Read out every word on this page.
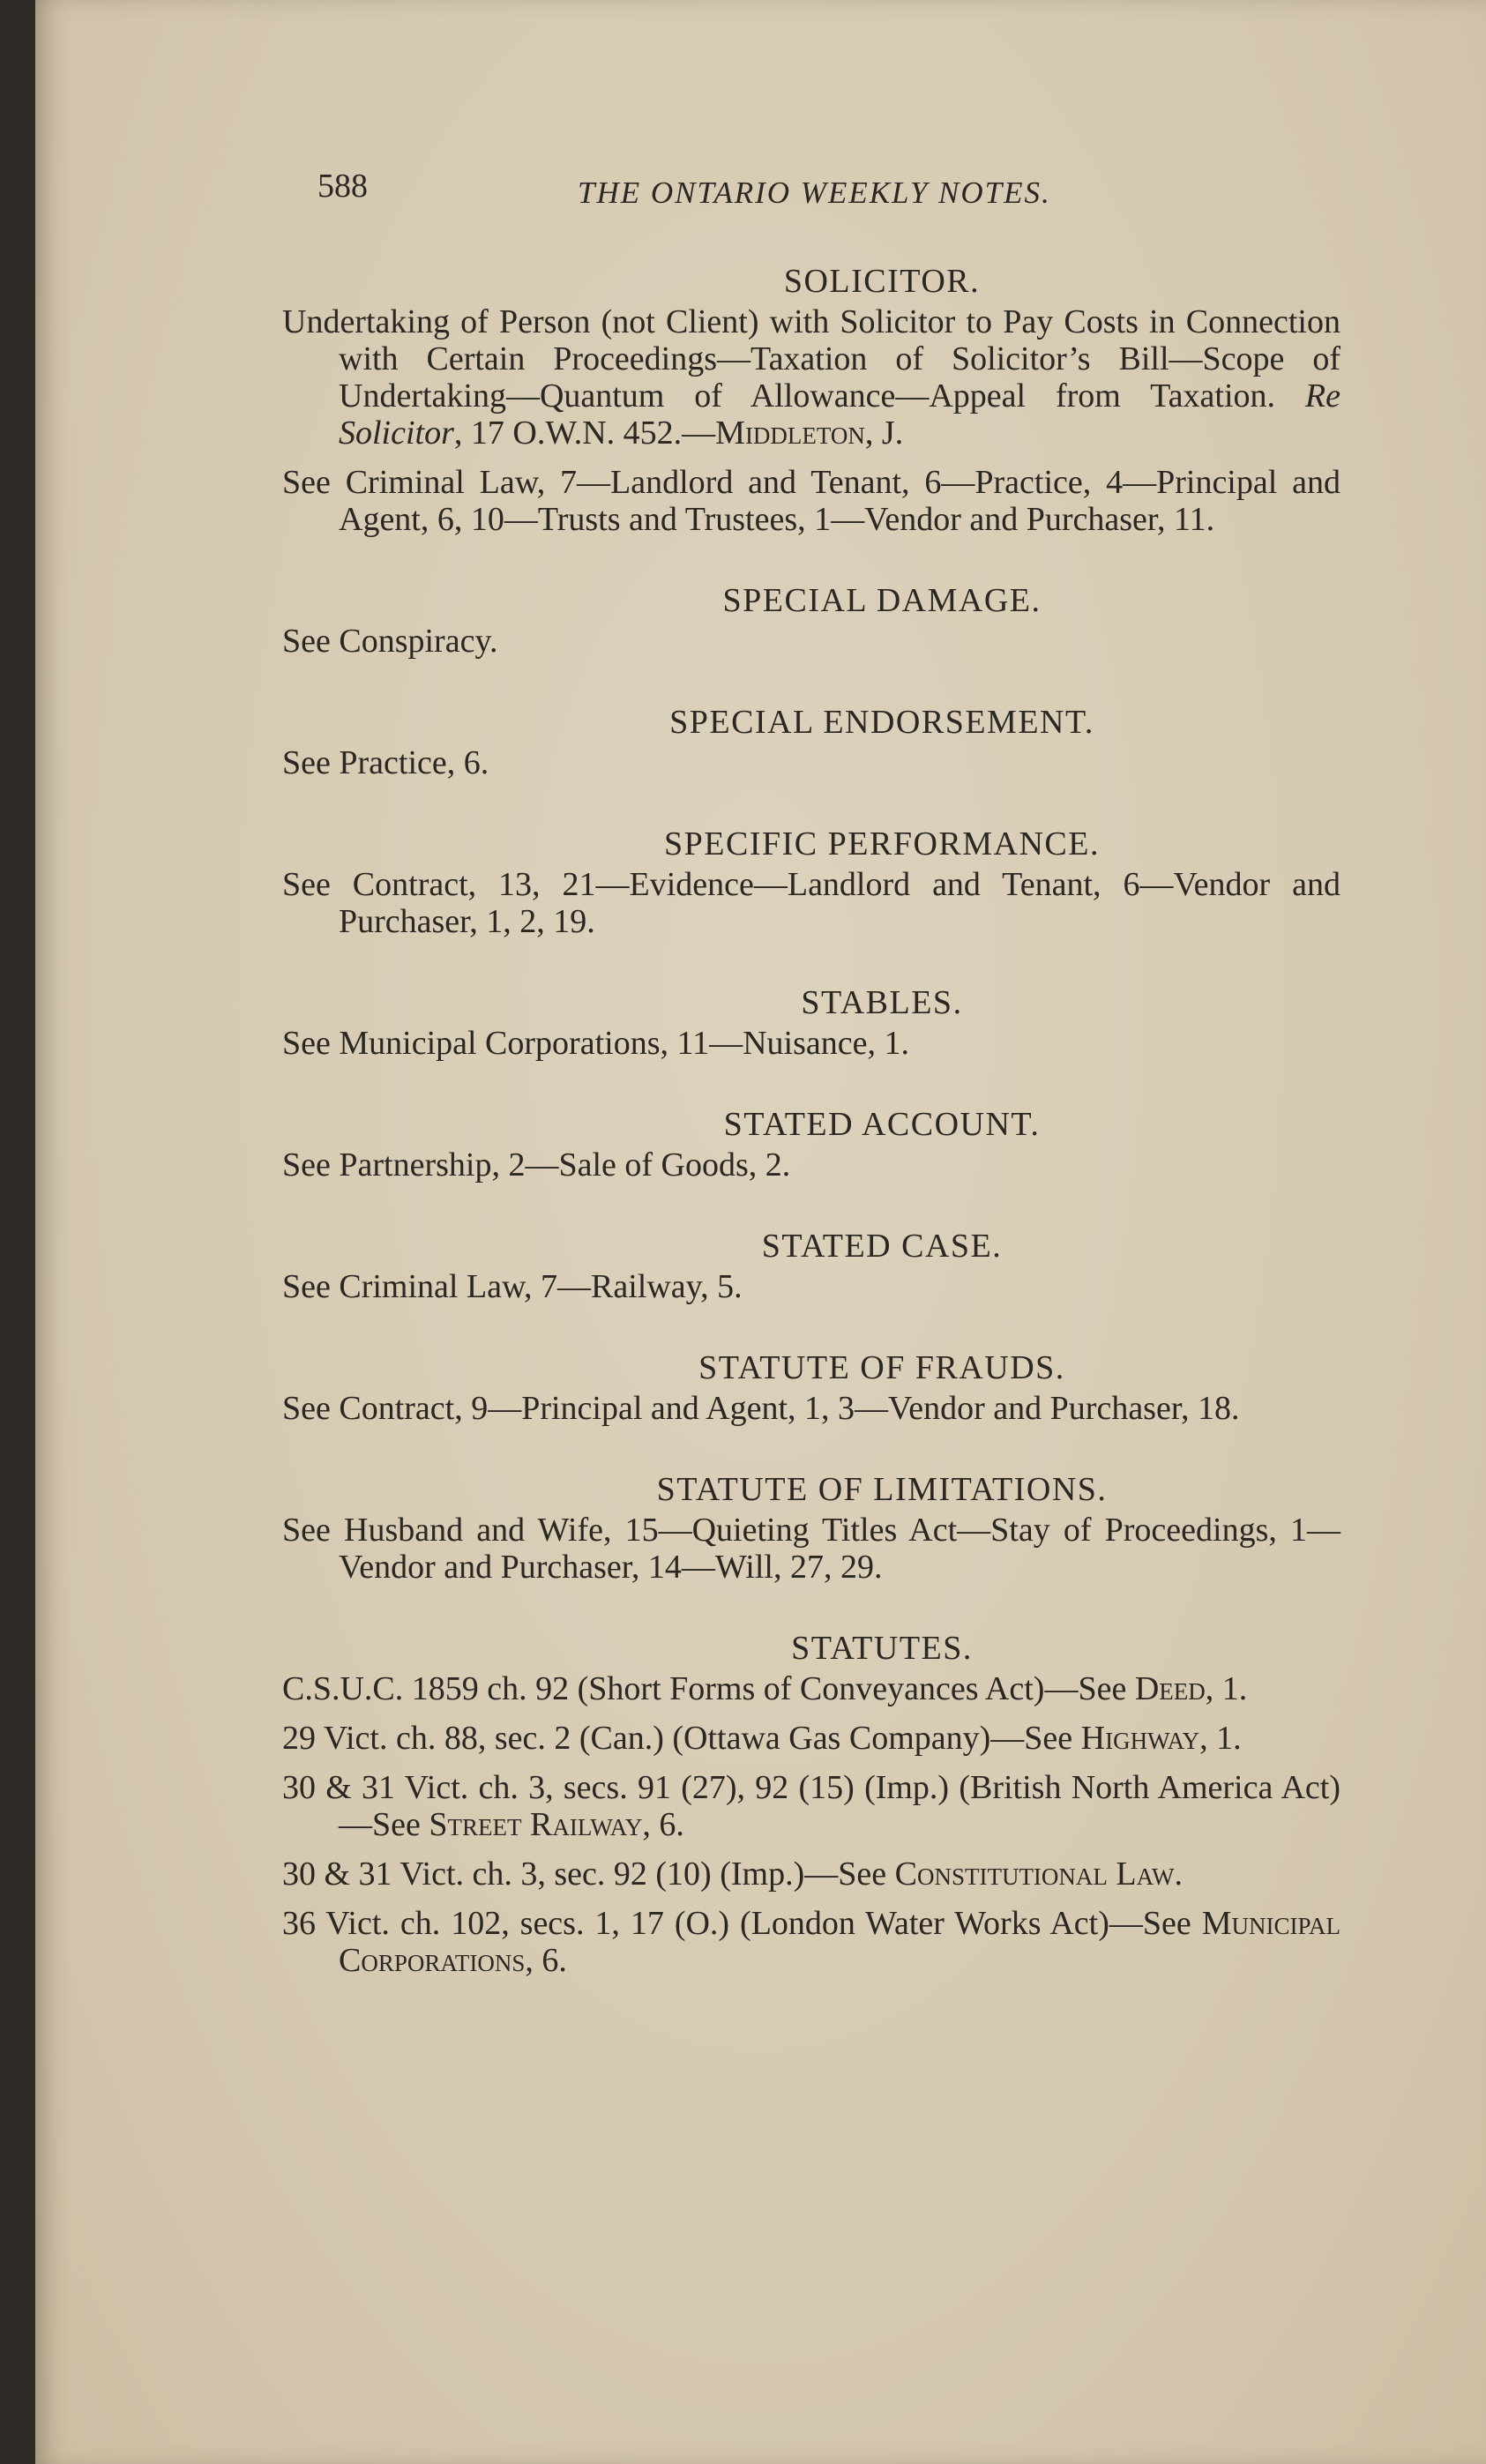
588	THE ONTARIO WEEKLY NOTES.
SOLICITOR.
Undertaking of Person (not Client) with Solicitor to Pay Costs in Connection with Certain Proceedings—Taxation of Solicitor’s Bill—Scope of Undertaking—Quantum of Allowance—Appeal from Taxation. Re Solicitor, 17 O.W.N. 452.—Middleton, J.
See Criminal Law, 7—Landlord and Tenant, 6—Practice, 4—Principal and Agent, 6, 10—Trusts and Trustees, 1—Vendor and Purchaser, 11.
SPECIAL DAMAGE.
See Conspiracy.
SPECIAL ENDORSEMENT.
See Practice, 6.
SPECIFIC PERFORMANCE.
See Contract, 13, 21—Evidence—Landlord and Tenant, 6—Vendor and Purchaser, 1, 2, 19.
STABLES.
See Municipal Corporations, 11—Nuisance, 1.
STATED ACCOUNT.
See Partnership, 2—Sale of Goods, 2.
STATED CASE.
See Criminal Law, 7—Railway, 5.
STATUTE OF FRAUDS.
See Contract, 9—Principal and Agent, 1, 3—Vendor and Purchaser, 18.
STATUTE OF LIMITATIONS.
See Husband and Wife, 15—Quieting Titles Act—Stay of Proceedings, 1—Vendor and Purchaser, 14—Will, 27, 29.
STATUTES.
C.S.U.C. 1859 ch. 92 (Short Forms of Conveyances Act)—See Deed, 1.
29 Vict. ch. 88, sec. 2 (Can.) (Ottawa Gas Company)—See Highway, 1.
30 & 31 Vict. ch. 3, secs. 91 (27), 92 (15) (Imp.) (British North America Act)—See Street Railway, 6.
30 & 31 Vict. ch. 3, sec. 92 (10) (Imp.)—See Constitutional Law.
36 Vict. ch. 102, secs. 1, 17 (O.) (London Water Works Act)—See Municipal Corporations, 6.
